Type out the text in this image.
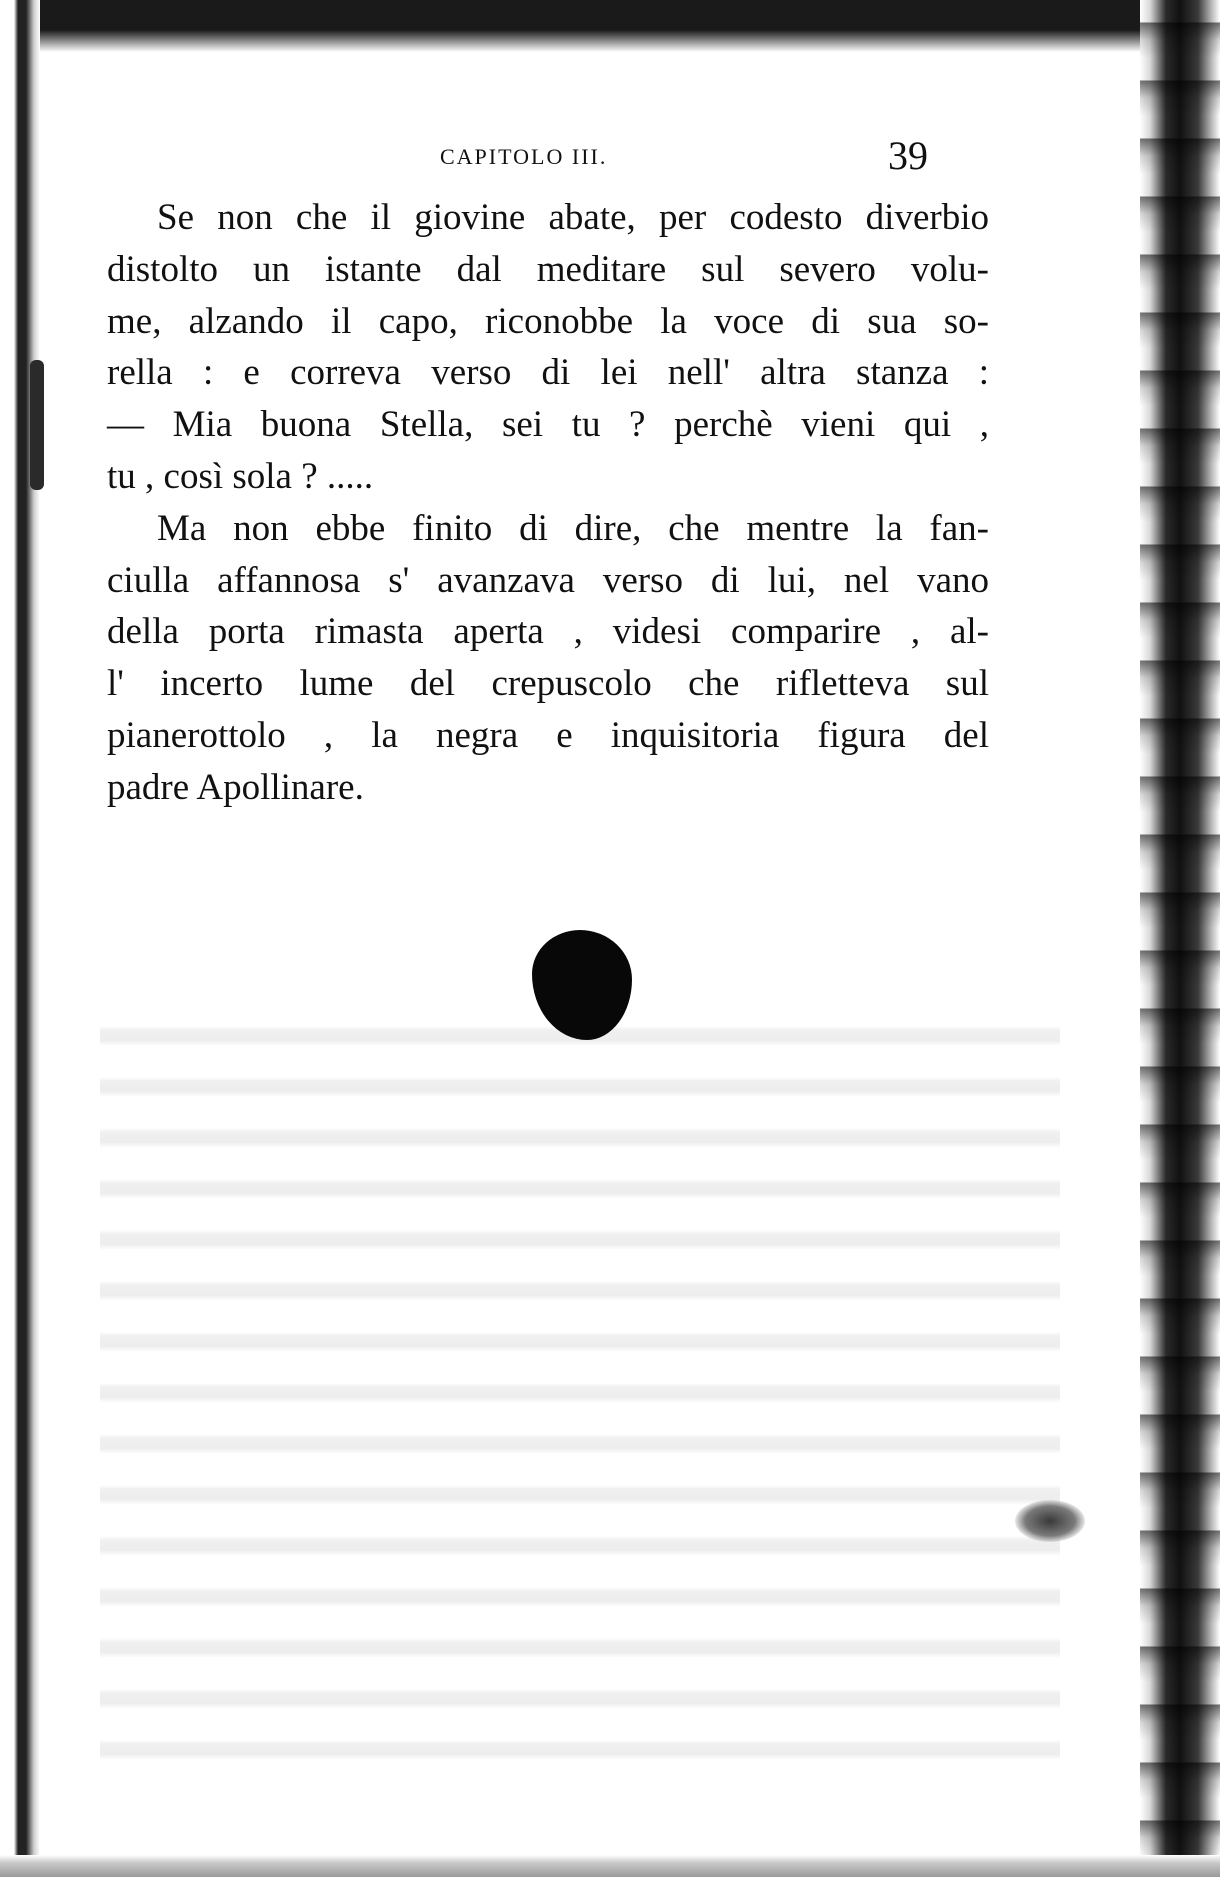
CAPITOLO III.	39
Se non che il giovine abate, per codesto diverbio
distolto un istante dal meditare sul severo volu-
me, alzando il capo, riconobbe la voce di sua so-
rella : e correva verso di lei nell' altra stanza :
— Mia buona Stella, sei tu ? perchè vieni qui ,
tu , così sola ? .....
Ma non ebbe finito di dire, che mentre la fan-
ciulla affannosa s' avanzava verso di lui, nel vano
della porta rimasta aperta , videsi comparire , al-
l' incerto lume del crepuscolo che rifletteva sul
pianerottolo , la negra e inquisitoria figura del
padre Apollinare.
